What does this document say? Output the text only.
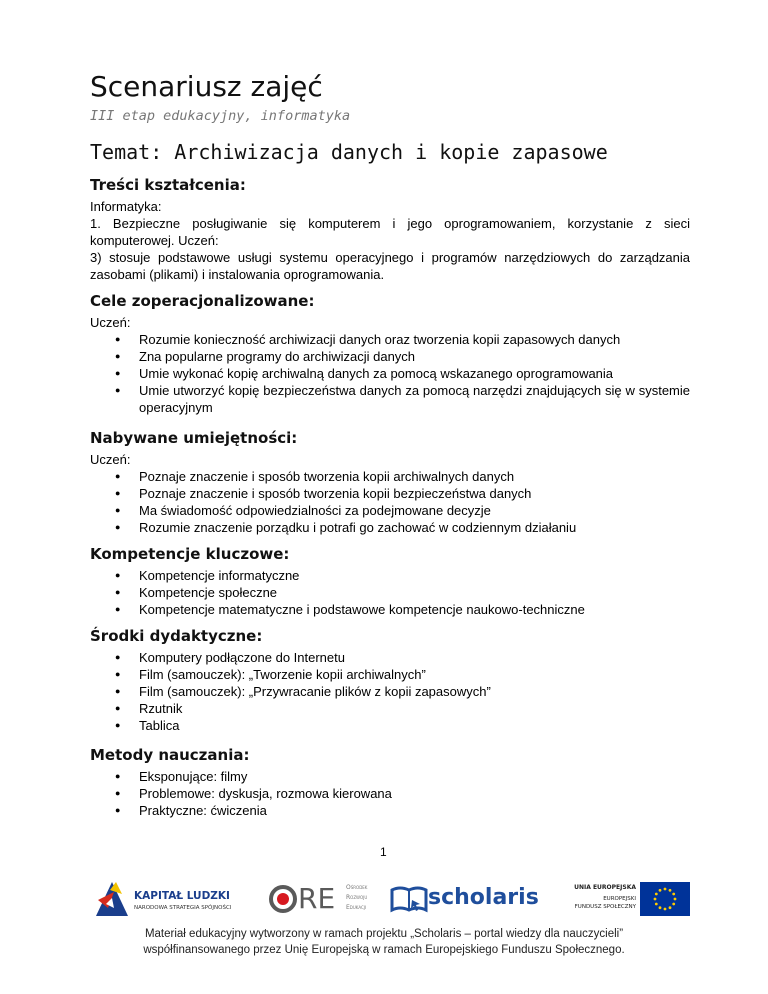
Scenariusz zajęć
III etap edukacyjny, informatyka
Temat: Archiwizacja danych i kopie zapasowe
Treści kształcenia:

Informatyka:

1. Bezpieczne posługiwanie się komputerem i jego oprogramowaniem, korzystanie z sieci komputerowej. Uczeń:

3) stosuje podstawowe usługi systemu operacyjnego i programów narzędziowych do zarządzania zasobami (plikami) i instalowania oprogramowania.

Cele zoperacjonalizowane:

Uczeń:

● Rozumie konieczność archiwizacji danych oraz tworzenia kopii zapasowych danych
● Zna popularne programy do archiwizacji danych
● Umie wykonać kopię archiwalną danych za pomocą wskazanego oprogramowania
● Umie utworzyć kopię bezpieczeństwa danych za pomocą narzędzi znajdujących się w systemie operacyjnym
Nabywane umiejętności:

Uczeń:

● Poznaje znaczenie i sposób tworzenia kopii archiwalnych danych
● Poznaje znaczenie i sposób tworzenia kopii bezpieczeństwa danych
● Ma świadomość odpowiedzialności za podejmowane decyzje
● Rozumie znaczenie porządku i potrafi go zachować w codziennym działaniu
Kompetencje kluczowe:
● Kompetencje informatyczne
● Kompetencje społeczne
● Kompetencje matematyczne i podstawowe kompetencje naukowo-techniczne
Środki dydaktyczne:
● Komputery podłączone do Internetu
● Film (samouczek): „Tworzenie kopii archiwalnych”
● Film (samouczek): „Przywracanie plików z kopii zapasowych”
● Rzutnik
● Tablica
Metody nauczania:
● Eksponujące: filmy
● Problemowe: dyskusja, rozmowa kierowana
● Praktyczne: ćwiczenia
1
KAPITAŁ LUDZKI
NARODOWA STRATEGIA SPÓJNOŚCI RE Ośrodek
Rozwoju
Edukacji	scholaris	UNIA EUROPEJSKA
EUROPEJSKI
FUNDUSZ SPOŁECZNY
Materiał edukacyjny wytworzony w ramach projektu „Scholaris – portal wiedzy dla nauczycieli”
współfinansowanego przez Unię Europejską w ramach Europejskiego Funduszu Społecznego.
